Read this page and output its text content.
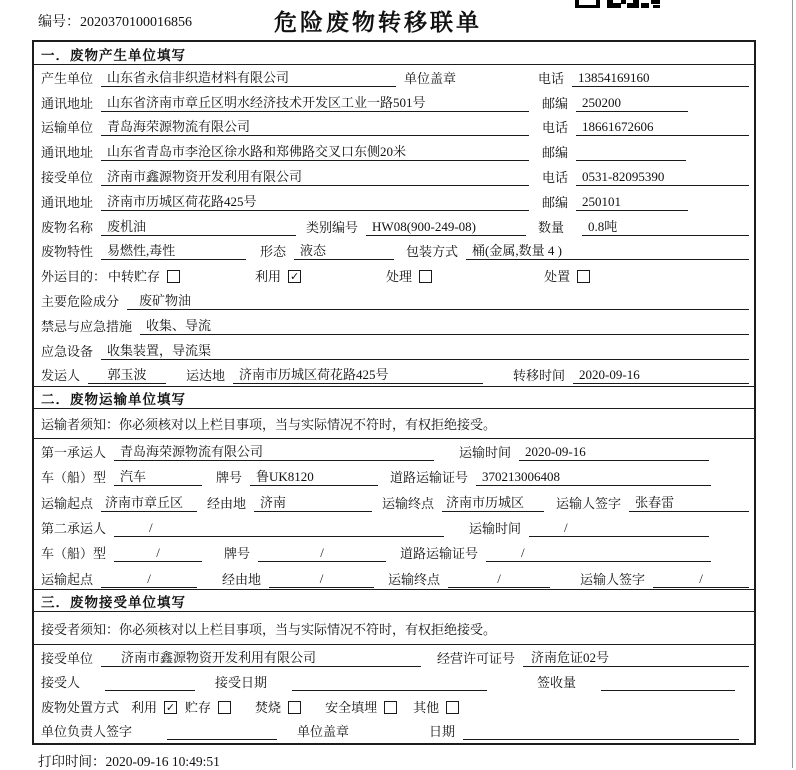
编号：2020370100016856	危险废物转移联单
一．废物产生单位填写
产生单位	山东省永信非织造材料有限公司	单位盖章	电话	13854169160
通讯地址	山东省济南市章丘区明水经济技术开发区工业一路501号	邮编	250200
运输单位	青岛海荣源物流有限公司	电话	18661672606
通讯地址	山东省青岛市李沧区徐水路和郑佛路交叉口东侧20米	邮编
接受单位	济南市鑫源物资开发利用有限公司	电话	0531-82095390
通讯地址	济南市历城区荷花路425号	邮编	250101
废物名称	废机油	类别编号	HW08(900-249-08)	数量	0.8吨
废物特性	易燃性,毒性	形态	液态	包装方式	桶(金属,数量 4 )
外运目的： 中转贮存	利用 ✓	处理	处置
主要危险成分	废矿物油
禁忌与应急措施	收集、导流
应急设备	收集装置，导流渠
发运人	郭玉波	运达地	济南市历城区荷花路425号	转移时间	2020-09-16
二．废物运输单位填写
运输者须知：你必须核对以上栏目事项，当与实际情况不符时，有权拒绝接受。
第一承运人	青岛海荣源物流有限公司	运输时间	2020-09-16
车（船）型	汽车	牌号	鲁UK8120	道路运输证号	370213006408
运输起点 济南市章丘区	经由地	济南	运输终点 济南市历城区	运输人签字	张春雷
第二承运人	/	运输时间	/
车（船）型	/	牌号	/	道路运输证号	/
运输起点	/	经由地	/	运输终点	/	运输人签字	/
三．废物接受单位填写
接受者须知：你必须核对以上栏目事项，当与实际情况不符时，有权拒绝接受。
接受单位	济南市鑫源物资开发利用有限公司	经营许可证号	济南危证02号
接受人	接受日期	签收量
废物处置方式 利用 ✓ 贮存	焚烧	安全填埋	其他
单位负责人签字	单位盖章	日期
打印时间：2020-09-16 10:49:51
